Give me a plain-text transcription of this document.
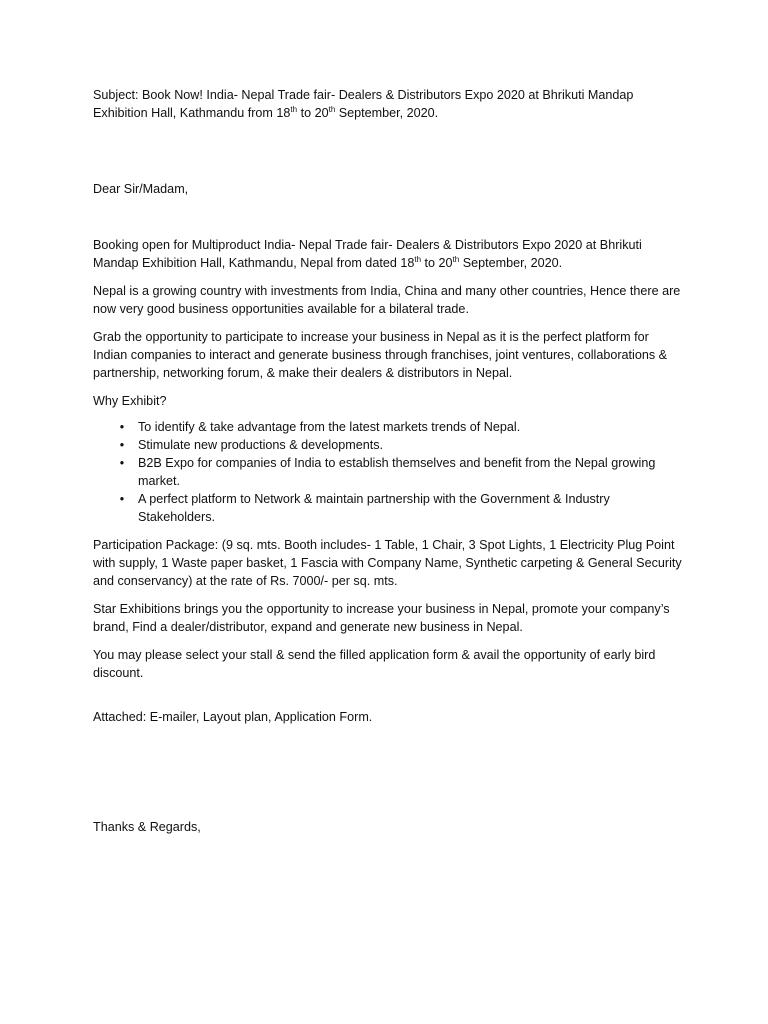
Subject: Book Now! India- Nepal Trade fair- Dealers & Distributors Expo 2020 at Bhrikuti Mandap Exhibition Hall, Kathmandu from 18th to 20th September, 2020.

Dear Sir/Madam,

Booking open for Multiproduct India- Nepal Trade fair- Dealers & Distributors Expo 2020 at Bhrikuti Mandap Exhibition Hall, Kathmandu, Nepal from dated 18th to 20th September, 2020.

Nepal is a growing country with investments from India, China and many other countries, Hence there are now very good business opportunities available for a bilateral trade.

Grab the opportunity to participate to increase your business in Nepal as it is the perfect platform for Indian companies to interact and generate business through franchises, joint ventures, collaborations & partnership, networking forum, & make their dealers & distributors in Nepal.

Why Exhibit?

•	To identify & take advantage from the latest markets trends of Nepal.
•	Stimulate new productions & developments.
•	B2B Expo for companies of India to establish themselves and benefit from the Nepal growing market.
•	A perfect platform to Network & maintain partnership with the Government & Industry Stakeholders.

Participation Package: (9 sq. mts. Booth includes- 1 Table, 1 Chair, 3 Spot Lights, 1 Electricity Plug Point with supply, 1 Waste paper basket, 1 Fascia with Company Name, Synthetic carpeting & General Security and conservancy) at the rate of Rs. 7000/- per sq. mts.

Star Exhibitions brings you the opportunity to increase your business in Nepal, promote your company’s brand, Find a dealer/distributor, expand and generate new business in Nepal.

You may please select your stall & send the filled application form & avail the opportunity of early bird discount.

Attached: E-mailer, Layout plan, Application Form.

Thanks & Regards,
